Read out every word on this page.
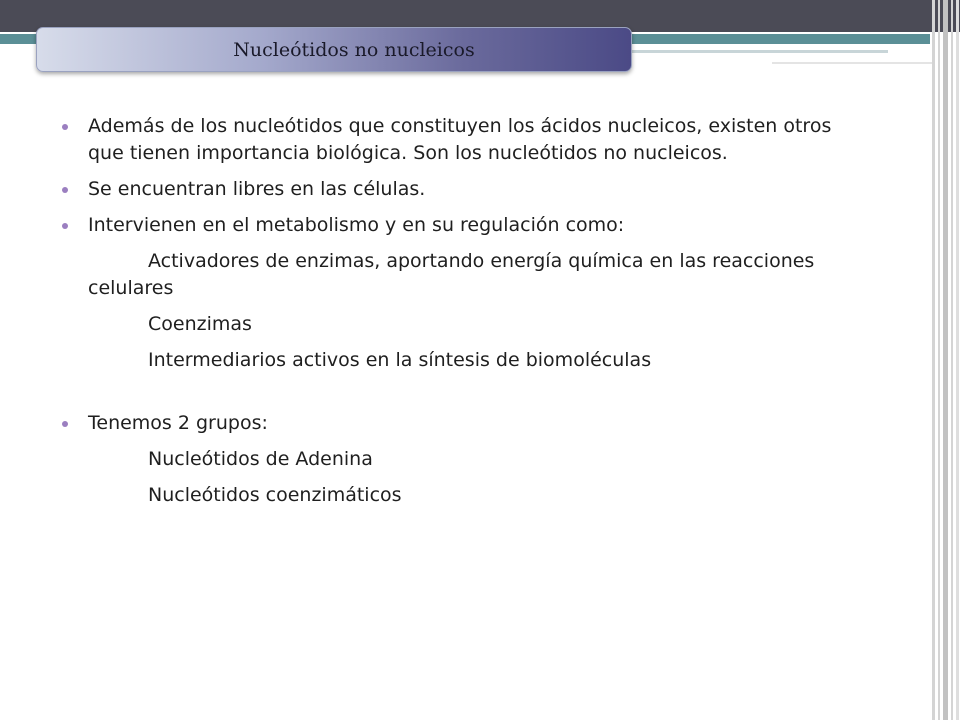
Nucleótidos no nucleicos
Además de los nucleótidos que constituyen los ácidos nucleicos, existen otros que tienen importancia biológica. Son los nucleótidos no nucleicos.
Se encuentran libres en las células.
Intervienen en el metabolismo y en su regulación como:
Activadores de enzimas, aportando energía química en las reacciones celulares
Coenzimas
Intermediarios activos en la síntesis de biomoléculas
Tenemos 2 grupos:
Nucleótidos de Adenina
Nucleótidos coenzimáticos
